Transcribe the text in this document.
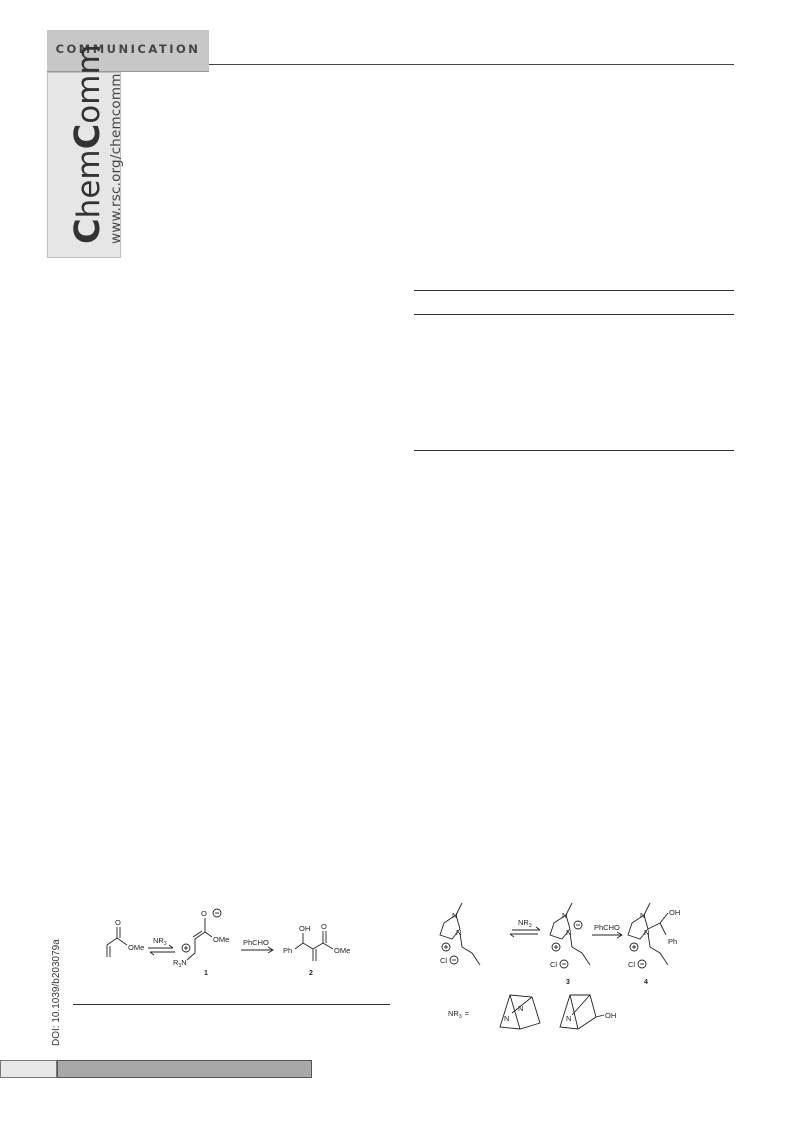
COMMUNICATION
ChemComm www.rsc.org/chemcomm
O
OMe
$NR_3$
O
OMe
$R_3N$
1
PhCHO
Ph
OH O
OMe
2
N
N
Cl
$NR_3$
N
N
Cl
3
PhCHO
N
N
OH
Ph
Cl
4
$NR_3$ =
N
N	N	OH
DOI: 10.1039/b203079a
